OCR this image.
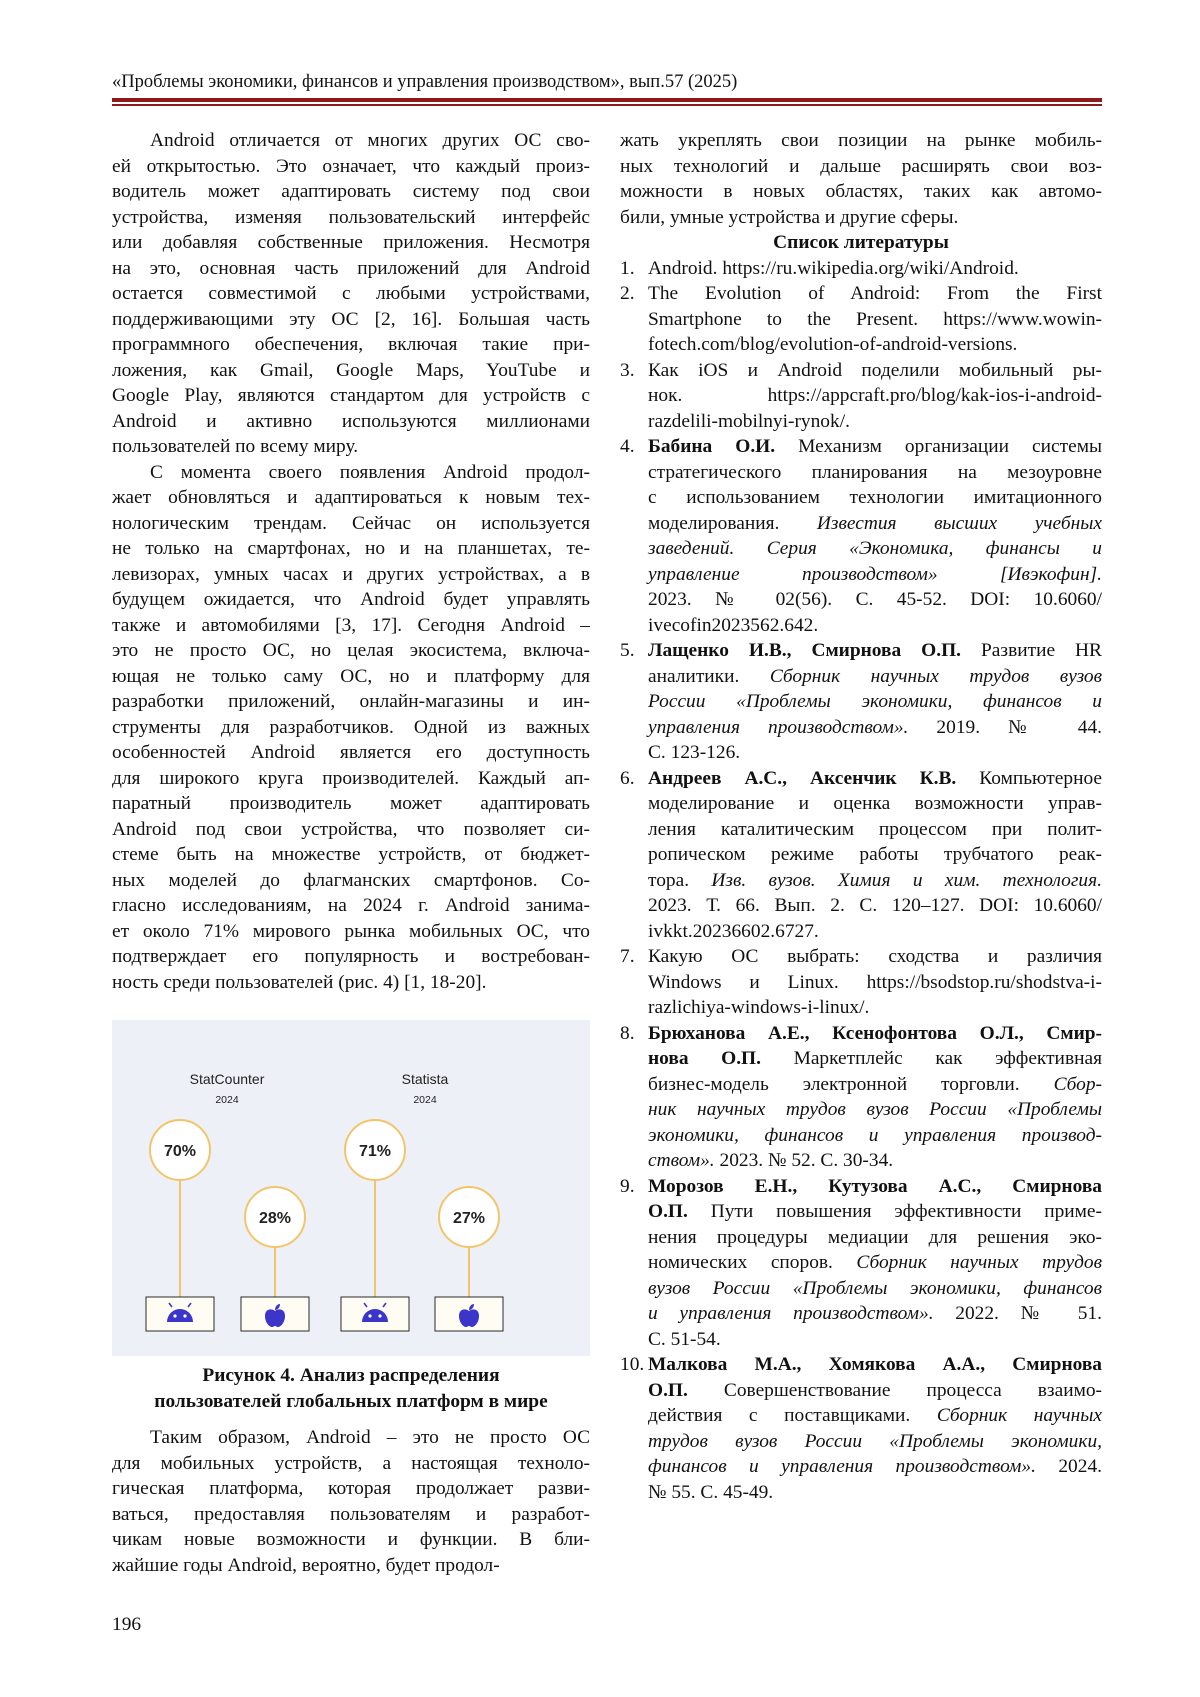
«Проблемы экономики, финансов и управления производством», вып.57 (2025)

Android отличается от многих других ОС сво-
ей открытостью. Это означает, что каждый произ-
водитель может адаптировать систему под свои
устройства, изменяя пользовательский интерфейс
или добавляя собственные приложения. Несмотря
на это, основная часть приложений для Android
остается совместимой с любыми устройствами,
поддерживающими эту ОС [2, 16]. Большая часть
программного обеспечения, включая такие при-
ложения, как Gmail, Google Maps, YouTube и
Google Play, являются стандартом для устройств с
Android и активно используются миллионами
пользователей по всему миру.

С момента своего появления Android продол-
жает обновляться и адаптироваться к новым тех-
нологическим трендам. Сейчас он используется
не только на смартфонах, но и на планшетах, те-
левизорах, умных часах и других устройствах, а в
будущем ожидается, что Android будет управлять
также и автомобилями [3, 17]. Сегодня Android –
это не просто ОС, но целая экосистема, включа-
ющая не только саму ОС, но и платформу для
разработки приложений, онлайн-магазины и ин-
струменты для разработчиков. Одной из важных
особенностей Android является его доступность
для широкого круга производителей. Каждый ап-
паратный производитель может адаптировать
Android под свои устройства, что позволяет си-
стеме быть на множестве устройств, от бюджет-
ных моделей до флагманских смартфонов. Со-
гласно исследованиям, на 2024 г. Android занима-
ет около 71% мирового рынка мобильных ОС, что
подтверждает его популярность и востребован-
ность среди пользователей (рис. 4) [1, 18-20].

StatCounter
2024
Statista
2024
70%
28%
71%
27%
Рисунок 4. Анализ распределения
пользователей глобальных платформ в мире

Таким образом, Android – это не просто ОС
для мобильных устройств, а настоящая техноло-
гическая платформа, которая продолжает разви-
ваться, предоставляя пользователям и разработ-
чикам новые возможности и функции. В бли-
жайшие годы Android, вероятно, будет продол-

жать укреплять свои позиции на рынке мобиль-
ных технологий и дальше расширять свои воз-
можности в новых областях, таких как автомо-
били, умные устройства и другие сферы.

Список литературы

1. Android. https://ru.wikipedia.org/wiki/Android.
2. The Evolution of Android: From the First
Smartphone to the Present. https://www.wowin-
fotech.com/blog/evolution-of-android-versions.
3. Как iOS и Android поделили мобильный ры-
нок. https://appcraft.pro/blog/kak-ios-i-android-
razdelili-mobilnyi-rynok/.
4. Бабина О.И. Механизм организации системы
стратегического планирования на мезоуровне
с использованием технологии имитационного
моделирования. Известия высших учебных
заведений. Серия «Экономика, финансы и
управление производством» [Ивэкофин].
2023. № 02(56). С. 45-52. DOI: 10.6060/
ivecofin2023562.642.
5. Лащенко И.В., Смирнова О.П. Развитие HR
аналитики. Сборник научных трудов вузов
России «Проблемы экономики, финансов и
управления производством». 2019. № 44.
С. 123-126.
6. Андреев А.С., Аксенчик К.В. Компьютерное
моделирование и оценка возможности управ-
ления каталитическим процессом при полит-
ропическом режиме работы трубчатого реак-
тора. Изв. вузов. Химия и хим. технология.
2023. Т. 66. Вып. 2. С. 120–127. DOI: 10.6060/
ivkkt.20236602.6727.
7. Какую ОС выбрать: сходства и различия
Windows и Linux. https://bsodstop.ru/shodstva-i-
razlichiya-windows-i-linux/.
8. Брюханова А.Е., Ксенофонтова О.Л., Смир-
нова О.П. Маркетплейс как эффективная
бизнес-модель электронной торговли. Сбор-
ник научных трудов вузов России «Проблемы
экономики, финансов и управления производ-
ством». 2023. № 52. С. 30-34.
9. Морозов Е.Н., Кутузова А.С., Смирнова
О.П. Пути повышения эффективности приме-
нения процедуры медиации для решения эко-
номических споров. Сборник научных трудов
вузов России «Проблемы экономики, финансов
и управления производством». 2022. № 51.
С. 51-54.
10. Малкова М.А., Хомякова А.А., Смирнова
О.П. Совершенствование процесса взаимо-
действия с поставщиками. Сборник научных
трудов вузов России «Проблемы экономики,
финансов и управления производством». 2024.
№ 55. С. 45-49.
196
